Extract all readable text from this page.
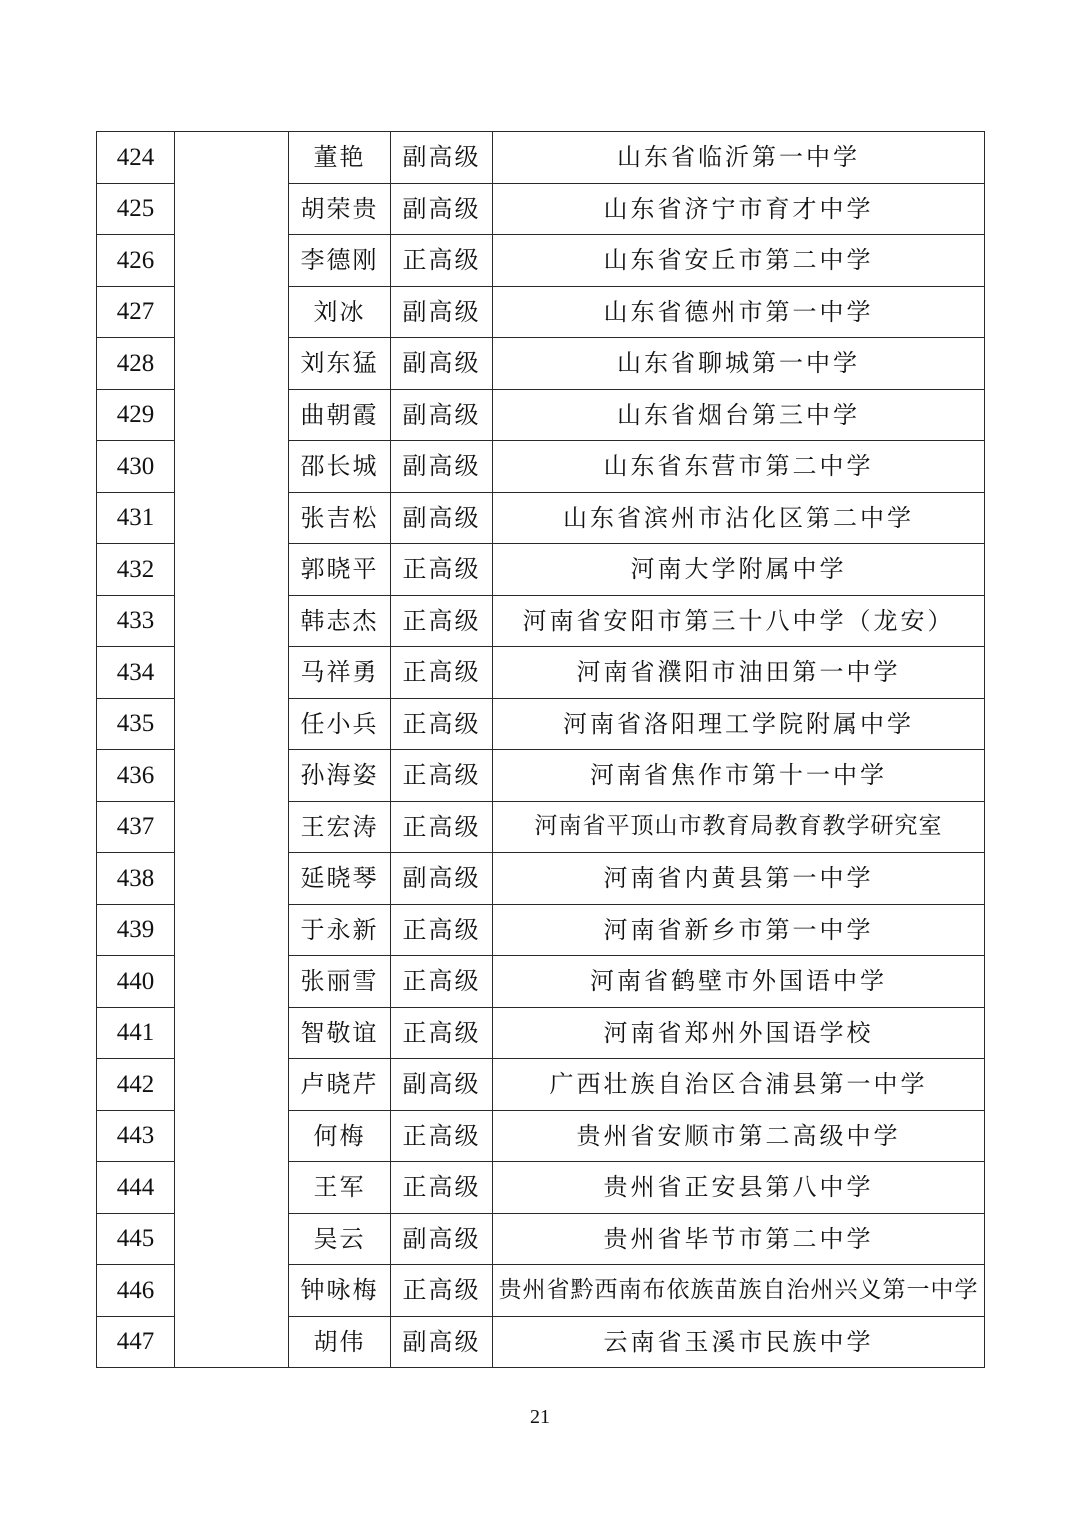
424		董艳	副高级	山东省临沂第一中学
425		胡荣贵	副高级	山东省济宁市育才中学
426		李德刚	正高级	山东省安丘市第二中学
427		刘冰	副高级	山东省德州市第一中学
428		刘东猛	副高级	山东省聊城第一中学
429		曲朝霞	副高级	山东省烟台第三中学
430		邵长城	副高级	山东省东营市第二中学
431		张吉松	副高级	山东省滨州市沾化区第二中学
432		郭晓平	正高级	河南大学附属中学
433		韩志杰	正高级	河南省安阳市第三十八中学（龙安）
434		马祥勇	正高级	河南省濮阳市油田第一中学
435		任小兵	正高级	河南省洛阳理工学院附属中学
436		孙海姿	正高级	河南省焦作市第十一中学
437		王宏涛	正高级	河南省平顶山市教育局教育教学研究室
438		延晓琴	副高级	河南省内黄县第一中学
439		于永新	正高级	河南省新乡市第一中学
440		张丽雪	正高级	河南省鹤壁市外国语中学
441		智敬谊	正高级	河南省郑州外国语学校
442		卢晓芹	副高级	广西壮族自治区合浦县第一中学
443		何梅	正高级	贵州省安顺市第二高级中学
444		王军	正高级	贵州省正安县第八中学
445		吴云	副高级	贵州省毕节市第二中学
446		钟咏梅	正高级	贵州省黔西南布依族苗族自治州兴义第一中学
447		胡伟	副高级	云南省玉溪市民族中学
21
